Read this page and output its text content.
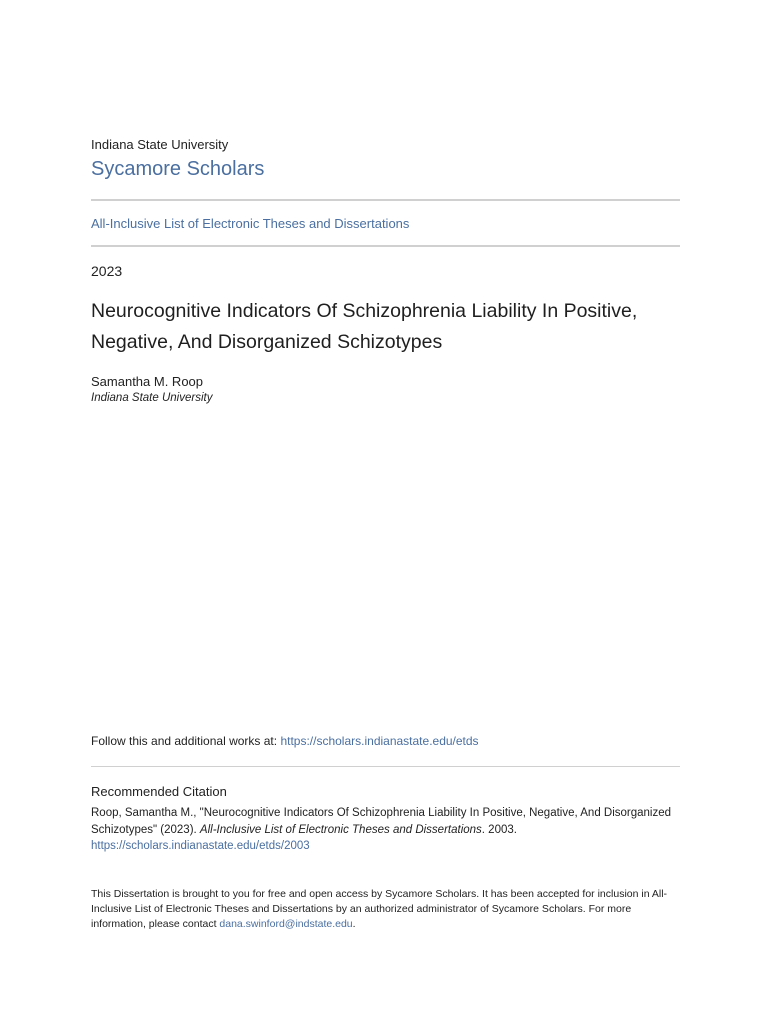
Indiana State University
Sycamore Scholars
All-Inclusive List of Electronic Theses and Dissertations
2023
Neurocognitive Indicators Of Schizophrenia Liability In Positive, Negative, And Disorganized Schizotypes
Samantha M. Roop
Indiana State University
Follow this and additional works at: https://scholars.indianastate.edu/etds
Recommended Citation
Roop, Samantha M., "Neurocognitive Indicators Of Schizophrenia Liability In Positive, Negative, And Disorganized Schizotypes" (2023). All-Inclusive List of Electronic Theses and Dissertations. 2003.
https://scholars.indianastate.edu/etds/2003
This Dissertation is brought to you for free and open access by Sycamore Scholars. It has been accepted for inclusion in All-Inclusive List of Electronic Theses and Dissertations by an authorized administrator of Sycamore Scholars. For more information, please contact dana.swinford@indstate.edu.
